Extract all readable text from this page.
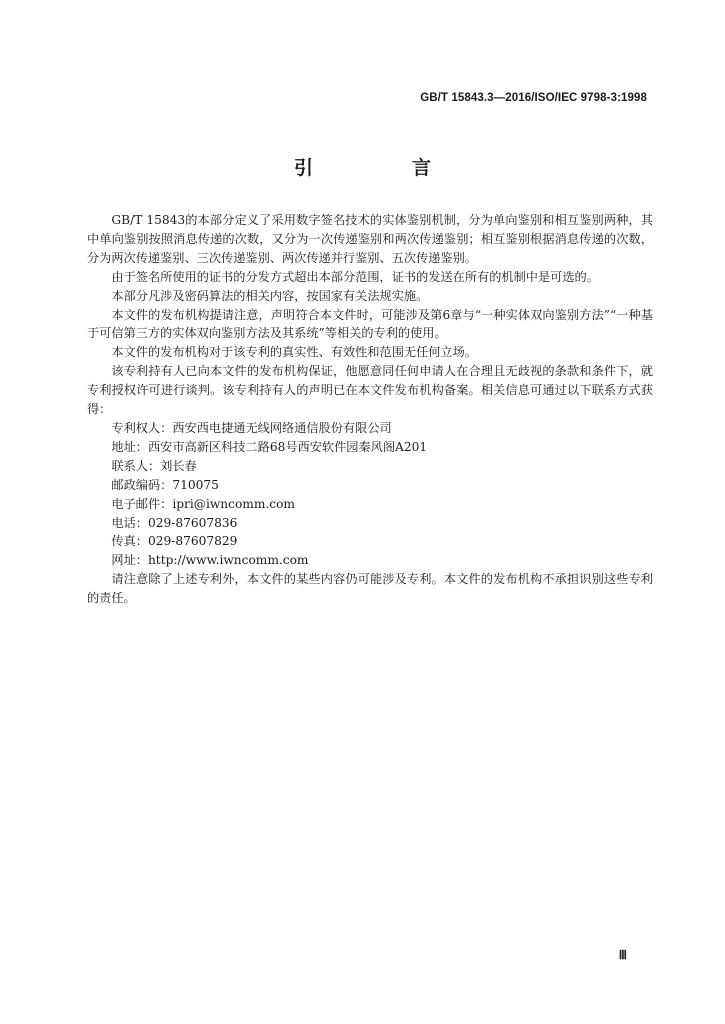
GB/T 15843.3—2016/ISO/IEC 9798-3:1998
引　言

GB/T 15843的本部分定义了采用数字签名技术的实体鉴别机制，分为单向鉴别和相互鉴别两种，其中单向鉴别按照消息传递的次数，又分为一次传递鉴别和两次传递鉴别；相互鉴别根据消息传递的次数，分为两次传递鉴别、三次传递鉴别、两次传递并行鉴别、五次传递鉴别。

由于签名所使用的证书的分发方式超出本部分范围，证书的发送在所有的机制中是可选的。

本部分凡涉及密码算法的相关内容，按国家有关法规实施。

本文件的发布机构提请注意，声明符合本文件时，可能涉及第6章与“一种实体双向鉴别方法”“一种基于可信第三方的实体双向鉴别方法及其系统”等相关的专利的使用。

本文件的发布机构对于该专利的真实性、有效性和范围无任何立场。

该专利持有人已向本文件的发布机构保证，他愿意同任何申请人在合理且无歧视的条款和条件下，就专利授权许可进行谈判。该专利持有人的声明已在本文件发布机构备案。相关信息可通过以下联系方式获得：

专利权人：西安西电捷通无线网络通信股份有限公司

地址：西安市高新区科技二路68号西安软件园秦风阁A201

联系人：刘长春

邮政编码：710075

电子邮件：ipri@iwncomm.com

电话：029-87607836

传真：029-87607829

网址：http://www.iwncomm.com

请注意除了上述专利外，本文件的某些内容仍可能涉及专利。本文件的发布机构不承担识别这些专利的责任。

Ⅲ
